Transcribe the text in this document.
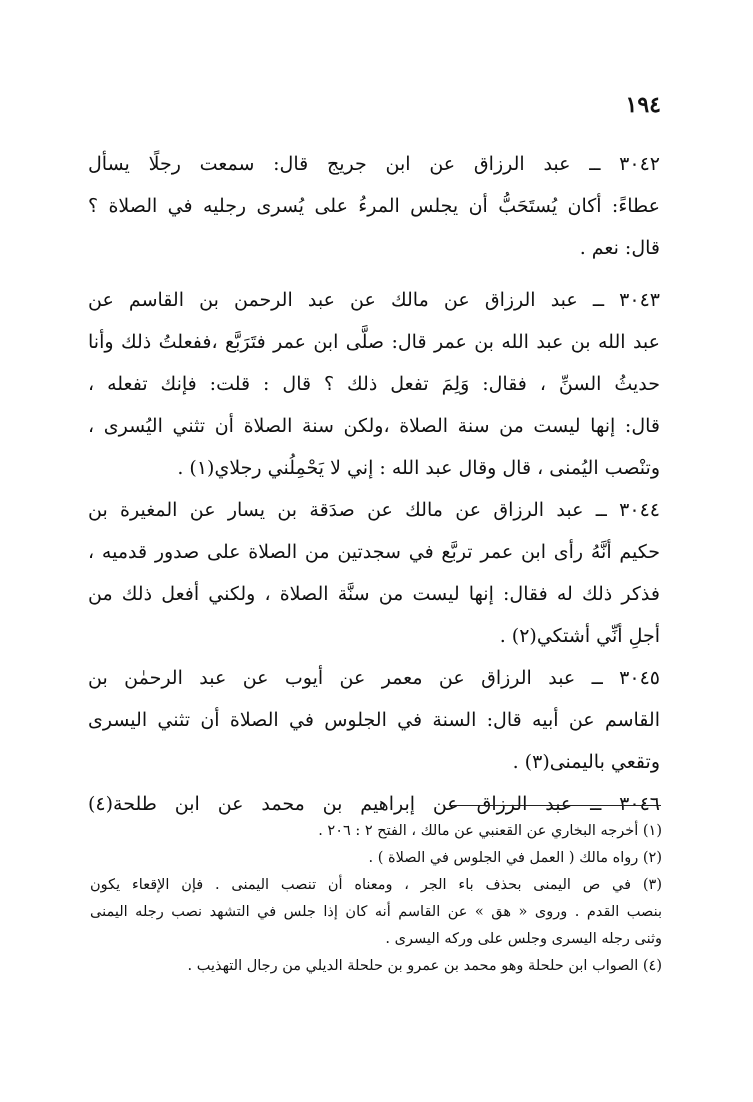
١٩٤
٣٠٤٢ ــ عبد الرزاق عن ابن جريج قال: سمعت رجلًا يسأل
عطاءً: أكان يُستَحَبُّ أن يجلس المرءُ على يُسرى رجليه في الصلاة ؟
قال: نعم .
٣٠٤٣ ــ عبد الرزاق عن مالك عن عبد الرحمن بن القاسم عن
عبد الله بن عبد الله بن عمر قال: صلَّى ابن عمر فتَرَبَّع ،ففعلتُ ذلك وأنا
حديثُ السنِّ ، فقال: وَلِمَ تفعل ذلك ؟ قال : قلت: فإنك تفعله ،
قال: إنها ليست من سنة الصلاة ،ولكن سنة الصلاة أن تثني اليُسرى ،
وتنْصب اليُمنى ، قال وقال عبد الله : إني لا يَحْمِلُني رجلاي(١) .
٣٠٤٤ ــ عبد الرزاق عن مالك عن صدَقة بن يسار عن المغيرة بن
حكيم أنَّهُ رأى ابن عمر تربَّع في سجدتين من الصلاة على صدور قدميه ،
فذكر ذلك له فقال: إنها ليست من سنَّة الصلاة ، ولكني أفعل ذلك من
أجلِ أنِّي أشتكي(٢) .
٣٠٤٥ ــ عبد الرزاق عن معمر عن أيوب عن عبد الرحمٰن بن
القاسم عن أبيه قال: السنة في الجلوس في الصلاة أن تثني اليسرى
وتقعي باليمنى(٣) .
٣٠٤٦ ــ عبد الرزاق عن إبراهيم بن محمد عن ابن طلحة(٤)
(١) أخرجه البخاري عن القعنبي عن مالك ، الفتح ٢ : ٢٠٦ .
(٢) رواه مالك ( العمل في الجلوس في الصلاة ) .
(٣) في ص اليمنى بحذف باء الجر ، ومعناه أن تنصب اليمنى . فإن الإقعاء يكون
بنصب القدم . وروى « هق » عن القاسم أنه كان إذا جلس في التشهد نصب رجله اليمنى
وثنى رجله اليسرى وجلس على وركه اليسرى .
(٤) الصواب ابن حلحلة وهو محمد بن عمرو بن حلحلة الديلي من رجال التهذيب .
